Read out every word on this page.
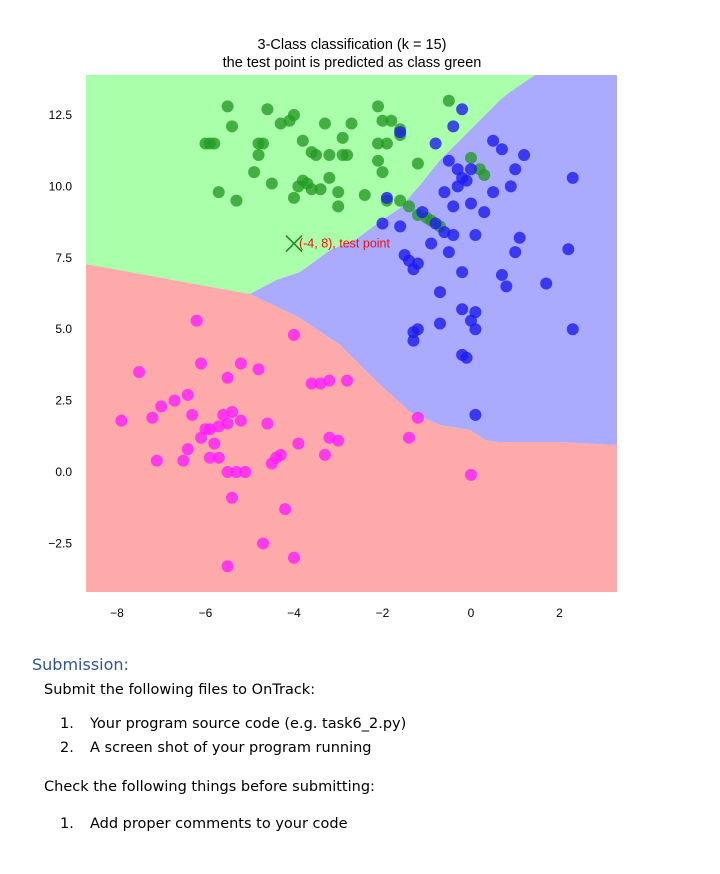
3-Class classification (k = 15)
the test point is predicted as class green
12.5
10.0
7.5
5.0
2.5
0.0
−2.5
−8	−6	−4	−2	0	2
(-4, 8), test point
Submission:

Submit the following files to OnTrack:

1. Your program source code (e.g. task6_2.py)
2. A screen shot of your program running

Check the following things before submitting:

1. Add proper comments to your code
